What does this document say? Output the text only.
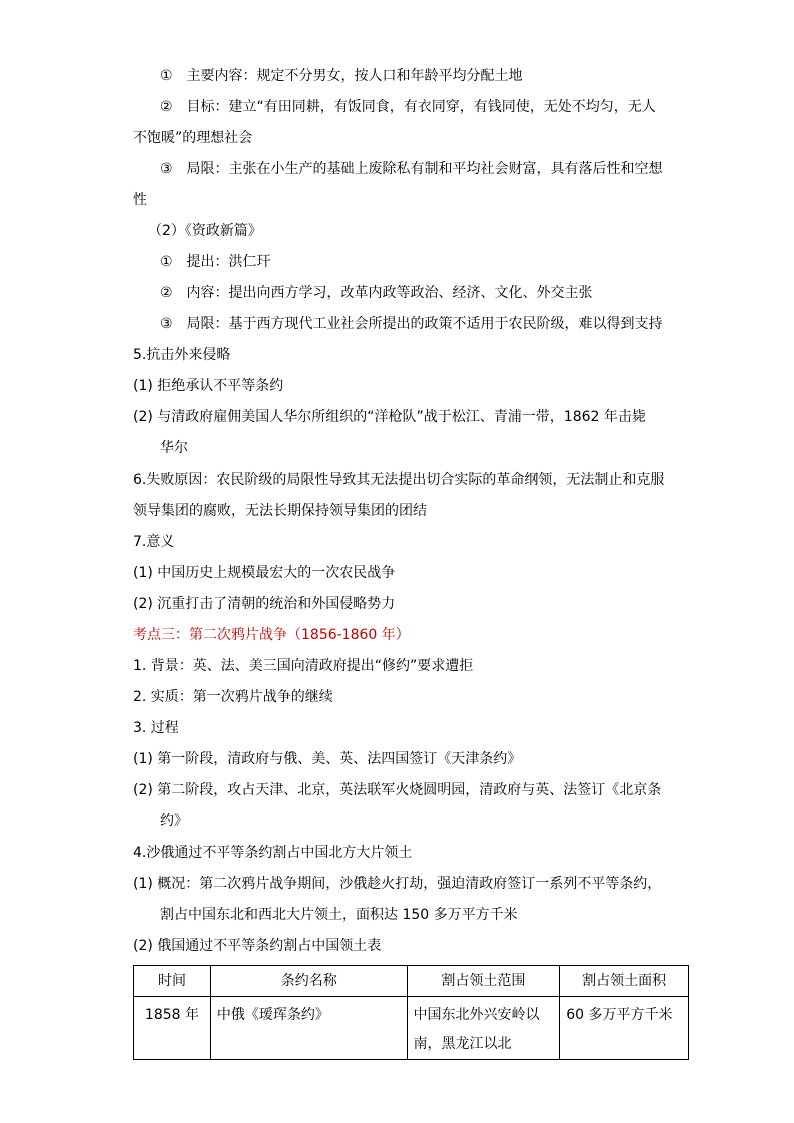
①　主要内容：规定不分男女，按人口和年龄平均分配土地
②　目标：建立“有田同耕，有饭同食，有衣同穿，有钱同使，无处不均匀，无人
不饱暖”的理想社会
③　局限：主张在小生产的基础上废除私有制和平均社会财富，具有落后性和空想
性
（2）《资政新篇》
①　提出：洪仁玕
②　内容：提出向西方学习，改革内政等政治、经济、文化、外交主张
③　局限：基于西方现代工业社会所提出的政策不适用于农民阶级，难以得到支持
5.抗击外来侵略
(1) 拒绝承认不平等条约
(2) 与清政府雇佣美国人华尔所组织的“洋枪队”战于松江、青浦一带，1862 年击毙
华尔
6.失败原因：农民阶级的局限性导致其无法提出切合实际的革命纲领，无法制止和克服
领导集团的腐败，无法长期保持领导集团的团结
7.意义
(1) 中国历史上规模最宏大的一次农民战争
(2) 沉重打击了清朝的统治和外国侵略势力
考点三：第二次鸦片战争（1856-1860 年）
1. 背景：英、法、美三国向清政府提出“修约”要求遭拒
2. 实质：第一次鸦片战争的继续
3. 过程
(1) 第一阶段，清政府与俄、美、英、法四国签订《天津条约》
(2) 第二阶段，攻占天津、北京，英法联军火烧圆明园，清政府与英、法签订《北京条
约》
4.沙俄通过不平等条约割占中国北方大片领土
(1) 概况：第二次鸦片战争期间，沙俄趁火打劫，强迫清政府签订一系列不平等条约，
割占中国东北和西北大片领土，面积达 150 多万平方千米
(2) 俄国通过不平等条约割占中国领土表
时间	条约名称	割占领土范围	割占领土面积
1858 年	中俄《瑷珲条约》	中国东北外兴安岭以
南，黑龙江以北	60 多万平方千米
